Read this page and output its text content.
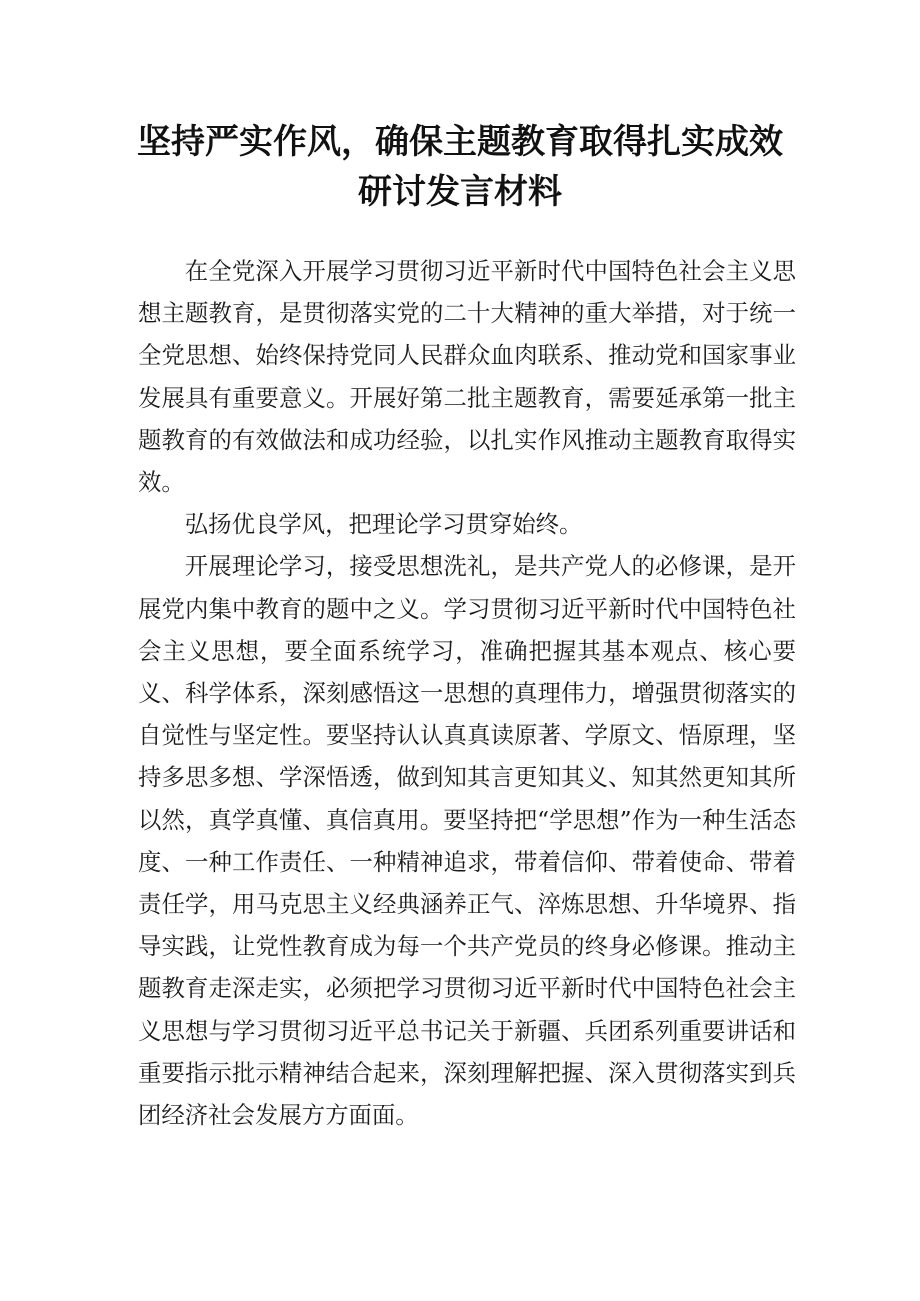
坚持严实作风，确保主题教育取得扎实成效
研讨发言材料

在全党深入开展学习贯彻习近平新时代中国特色社会主义思想主题教育，是贯彻落实党的二十大精神的重大举措，对于统一全党思想、始终保持党同人民群众血肉联系、推动党和国家事业发展具有重要意义。开展好第二批主题教育，需要延承第一批主题教育的有效做法和成功经验，以扎实作风推动主题教育取得实效。

弘扬优良学风，把理论学习贯穿始终。

开展理论学习，接受思想洗礼，是共产党人的必修课，是开展党内集中教育的题中之义。学习贯彻习近平新时代中国特色社会主义思想，要全面系统学习，准确把握其基本观点、核心要义、科学体系，深刻感悟这一思想的真理伟力，增强贯彻落实的自觉性与坚定性。要坚持认认真真读原著、学原文、悟原理，坚持多思多想、学深悟透，做到知其言更知其义、知其然更知其所以然，真学真懂、真信真用。要坚持把“学思想”作为一种生活态度、一种工作责任、一种精神追求，带着信仰、带着使命、带着责任学，用马克思主义经典涵养正气、淬炼思想、升华境界、指导实践，让党性教育成为每一个共产党员的终身必修课。推动主题教育走深走实，必须把学习贯彻习近平新时代中国特色社会主义思想与学习贯彻习近平总书记关于新疆、兵团系列重要讲话和重要指示批示精神结合起来，深刻理解把握、深入贯彻落实到兵团经济社会发展方方面面。
